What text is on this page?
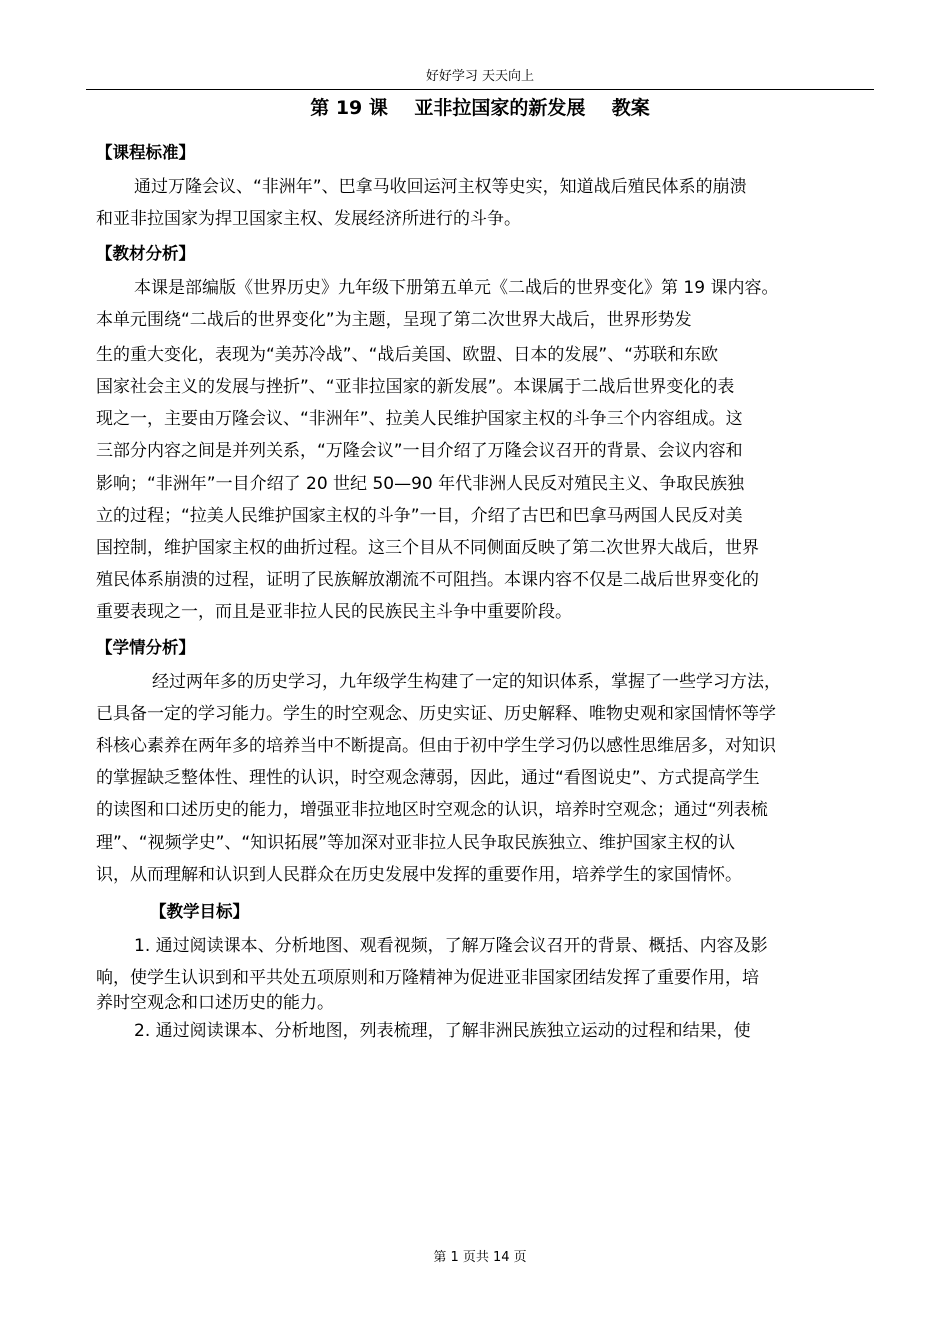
好好学习 天天向上
第 19 课    亚非拉国家的新发展    教案
【课程标准】
通过万隆会议、“非洲年”、巴拿马收回运河主权等史实，知道战后殖民体系的崩溃
和亚非拉国家为捍卫国家主权、发展经济所进行的斗争。
【教材分析】
本课是部编版《世界历史》九年级下册第五单元《二战后的世界变化》第 19 课内容。
本单元围绕“二战后的世界变化”为主题，呈现了第二次世界大战后，世界形势发
生的重大变化，表现为“美苏冷战”、“战后美国、欧盟、日本的发展”、“苏联和东欧
国家社会主义的发展与挫折”、“亚非拉国家的新发展”。本课属于二战后世界变化的表
现之一，主要由万隆会议、“非洲年”、拉美人民维护国家主权的斗争三个内容组成。这
三部分内容之间是并列关系，“万隆会议”一目介绍了万隆会议召开的背景、会议内容和
影响；“非洲年”一目介绍了 20 世纪 50—90 年代非洲人民反对殖民主义、争取民族独
立的过程；“拉美人民维护国家主权的斗争”一目，介绍了古巴和巴拿马两国人民反对美
国控制，维护国家主权的曲折过程。这三个目从不同侧面反映了第二次世界大战后，世界
殖民体系崩溃的过程，证明了民族解放潮流不可阻挡。本课内容不仅是二战后世界变化的
重要表现之一，而且是亚非拉人民的民族民主斗争中重要阶段。
【学情分析】
经过两年多的历史学习，九年级学生构建了一定的知识体系，掌握了一些学习方法，
已具备一定的学习能力。学生的时空观念、历史实证、历史解释、唯物史观和家国情怀等学
科核心素养在两年多的培养当中不断提高。但由于初中学生学习仍以感性思维居多，对知识
的掌握缺乏整体性、理性的认识，时空观念薄弱，因此，通过“看图说史”、方式提高学生
的读图和口述历史的能力，增强亚非拉地区时空观念的认识，培养时空观念；通过“列表梳
理”、“视频学史”、“知识拓展”等加深对亚非拉人民争取民族独立、维护国家主权的认
识，从而理解和认识到人民群众在历史发展中发挥的重要作用，培养学生的家国情怀。
【教学目标】
1. 通过阅读课本、分析地图、观看视频，了解万隆会议召开的背景、概括、内容及影
响，使学生认识到和平共处五项原则和万隆精神为促进亚非国家团结发挥了重要作用，培
养时空观念和口述历史的能力。
2. 通过阅读课本、分析地图，列表梳理，了解非洲民族独立运动的过程和结果，使
第 1 页共 14 页
